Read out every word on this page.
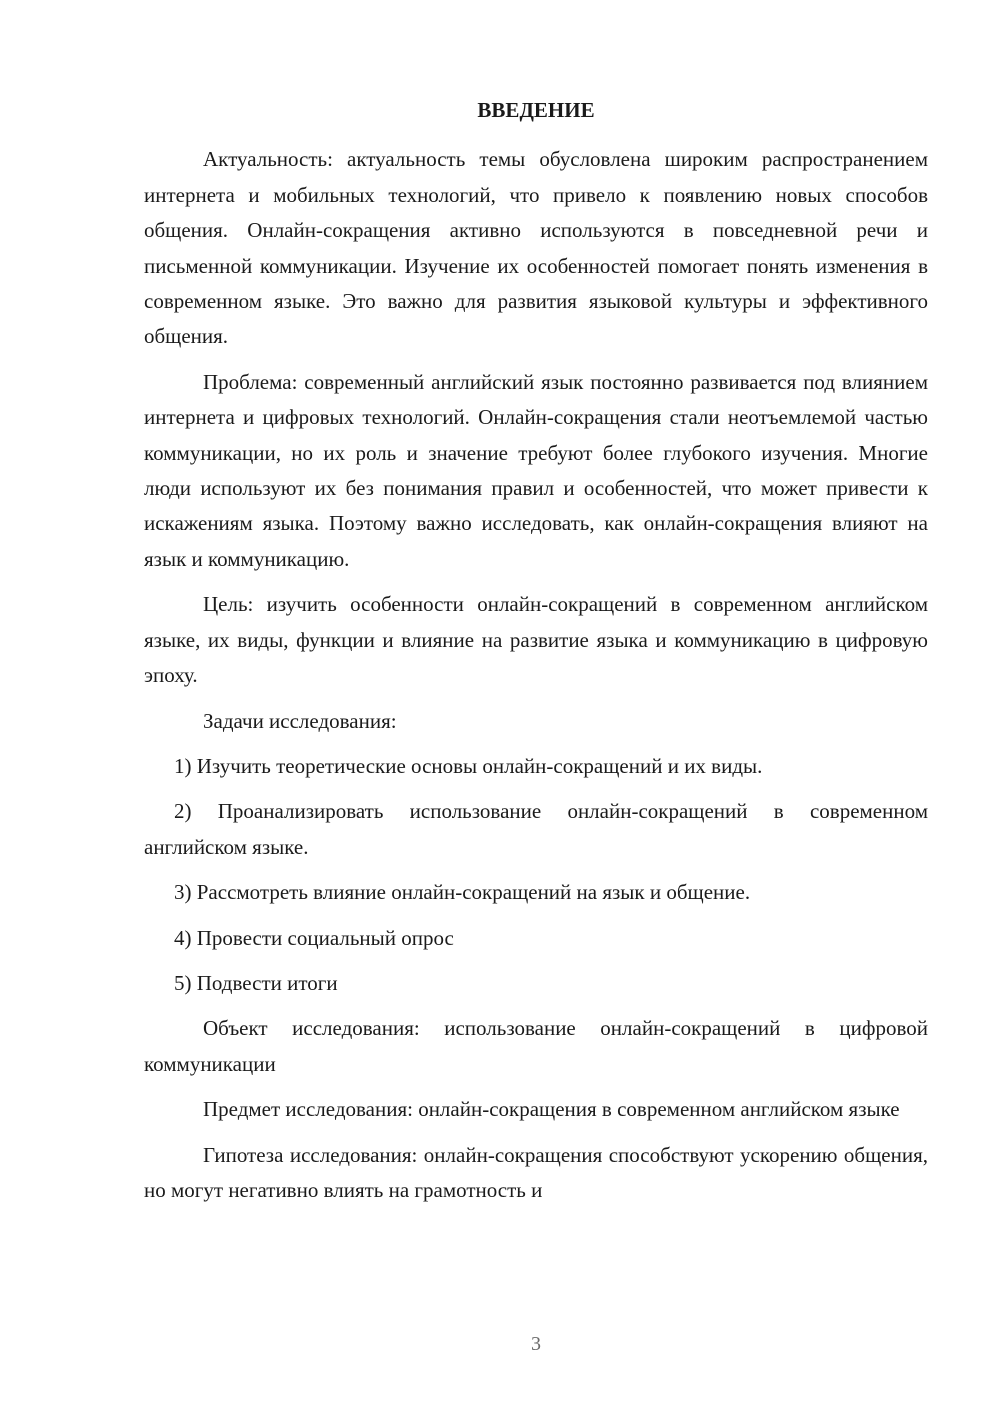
ВВЕДЕНИЕ
Актуальность: актуальность темы обусловлена широким распространением интернета и мобильных технологий, что привело к появлению новых способов общения. Онлайн-сокращения активно используются в повседневной речи и письменной коммуникации. Изучение их особенностей помогает понять изменения в современном языке. Это важно для развития языковой культуры и эффективного общения.
Проблема: современный английский язык постоянно развивается под влиянием интернета и цифровых технологий. Онлайн-сокращения стали неотъемлемой частью коммуникации, но их роль и значение требуют более глубокого изучения. Многие люди используют их без понимания правил и особенностей, что может привести к искажениям языка. Поэтому важно исследовать, как онлайн-сокращения влияют на язык и коммуникацию.
Цель: изучить особенности онлайн-сокращений в современном английском языке, их виды, функции и влияние на развитие языка и коммуникацию в цифровую эпоху.
Задачи исследования:
1) Изучить теоретические основы онлайн-сокращений и их виды.
2) Проанализировать использование онлайн-сокращений в современном английском языке.
3) Рассмотреть влияние онлайн-сокращений на язык и общение.
4) Провести социальный опрос
5) Подвести итоги
Объект исследования: использование онлайн-сокращений в цифровой коммуникации
Предмет исследования: онлайн-сокращения в современном английском языке
Гипотеза исследования: онлайн-сокращения способствуют ускорению общения, но могут негативно влиять на грамотность и
3
